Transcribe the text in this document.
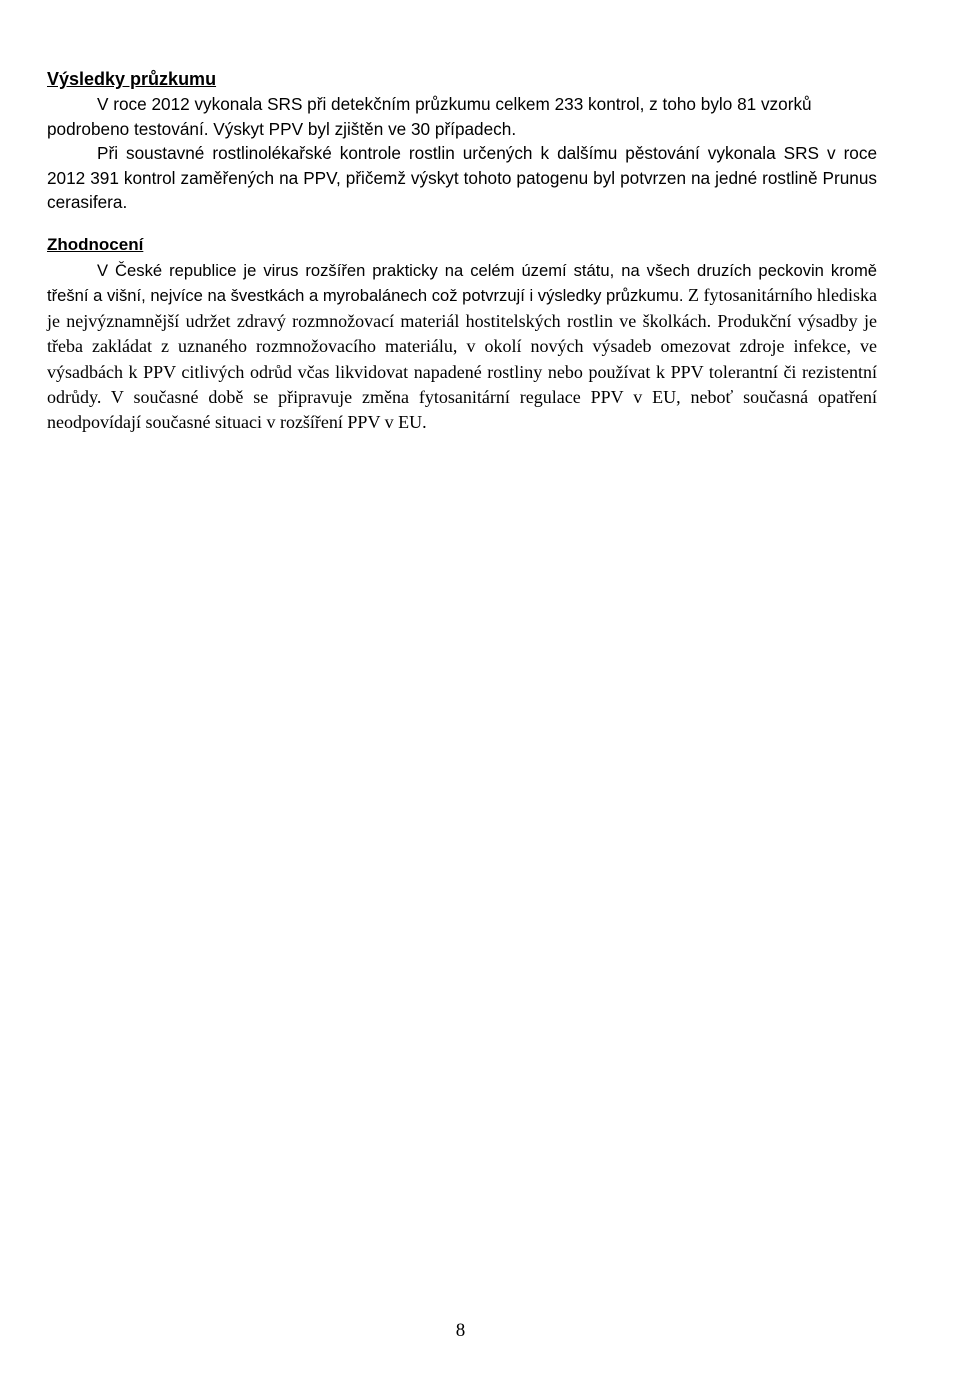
Výsledky průzkumu

V roce 2012 vykonala SRS při detekčním průzkumu celkem 233 kontrol, z toho bylo 81 vzorků podrobeno testování. Výskyt PPV byl zjištěn ve 30 případech.

Při soustavné rostlinolékařské kontrole rostlin určených k dalšímu pěstování vykonala SRS v roce 2012 391 kontrol zaměřených na PPV, přičemž výskyt tohoto patogenu byl potvrzen na jedné rostlině Prunus cerasifera.

Zhodnocení

V České republice je virus rozšířen prakticky na celém území státu, na všech druzích peckovin kromě třešní a višní, nejvíce na švestkách a myrobalánech což potvrzují i výsledky průzkumu. Z fytosanitárního hlediska je nejvýznamnější udržet zdravý rozmnožovací materiál hostitelských rostlin ve školkách. Produkční výsadby je třeba zakládat z uznaného rozmnožovacího materiálu, v okolí nových výsadeb omezovat zdroje infekce, ve výsadbách k PPV citlivých odrůd včas likvidovat napadené rostliny nebo používat k PPV tolerantní či rezistentní odrůdy. V současné době se připravuje změna fytosanitární regulace PPV v EU, neboť současná opatření neodpovídají současné situaci v rozšíření PPV v EU.

8
